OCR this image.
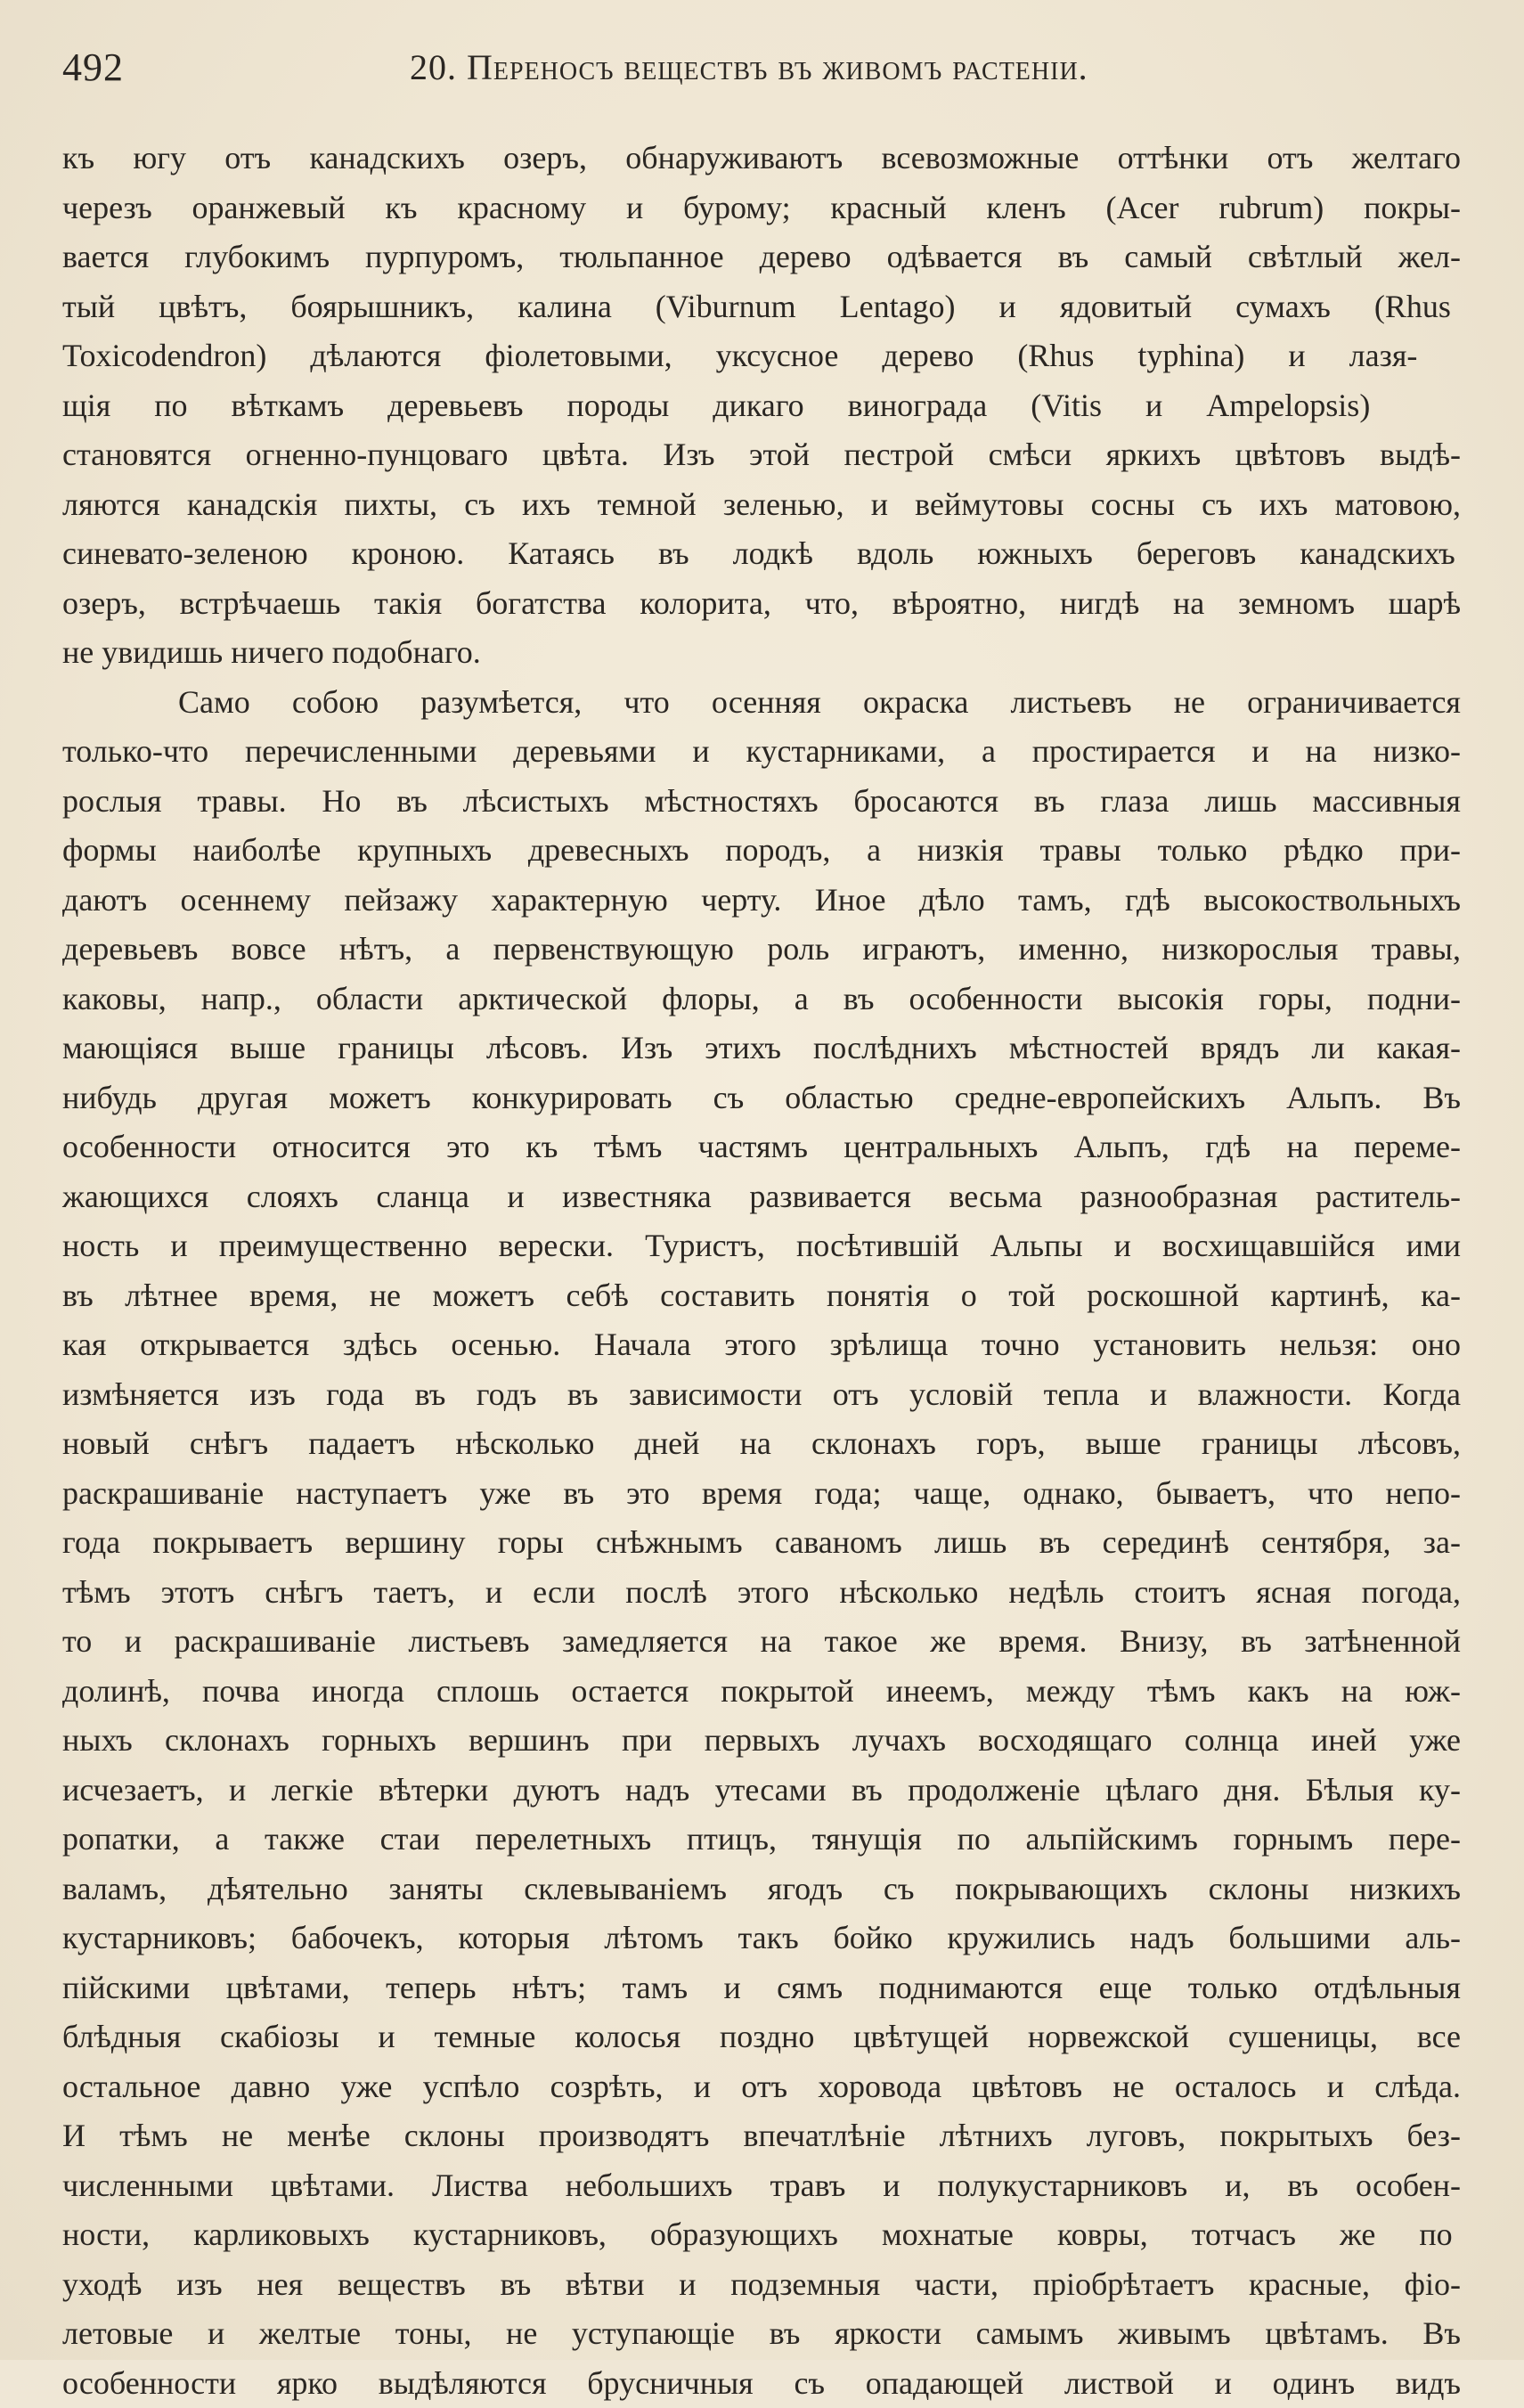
492	20. Переносъ веществъ въ живомъ растенiи.
къ югу отъ канадскихъ озеръ, обнаруживаютъ всевозможные оттѣнки отъ желтаго
черезъ оранжевый къ красному и бурому; красный кленъ (Acer rubrum) покры-
вается глубокимъ пурпуромъ, тюльпанное дерево одѣвается въ самый свѣтлый жел-
тый цвѣтъ, боярышникъ, калина (Viburnum Lentago) и ядовитый сумахъ (Rhus
Toxicodendron) дѣлаются фiолетовыми, уксусное дерево (Rhus typhina) и лазя-
щiя по вѣткамъ деревьевъ породы дикаго винограда (Vitis и Ampelopsis)
становятся огненно-пунцоваго цвѣта. Изъ этой пестрой смѣси яркихъ цвѣтовъ выдѣ-
ляются канадскiя пихты, съ ихъ темной зеленью, и веймутовы сосны съ ихъ матовою,
синевато-зеленою кроною. Катаясь въ лодкѣ вдоль южныхъ береговъ канадскихъ
озеръ, встрѣчаешь такiя богатства колорита, что, вѣроятно, нигдѣ на земномъ шарѣ
не увидишь ничего подобнаго.
Само собою разумѣется, что осенняя окраска листьевъ не ограничивается
только-что перечисленными деревьями и кустарниками, а простирается и на низко-
рослыя травы. Но въ лѣсистыхъ мѣстностяхъ бросаются въ глаза лишь массивныя
формы наиболѣе крупныхъ древесныхъ породъ, а низкiя травы только рѣдко при-
даютъ осеннему пейзажу характерную черту. Иное дѣло тамъ, гдѣ высокоствольныхъ
деревьевъ вовсе нѣтъ, а первенствующую роль играютъ, именно, низкорослыя травы,
каковы, напр., области арктической флоры, а въ особенности высокiя горы, подни-
мающiяся выше границы лѣсовъ. Изъ этихъ послѣднихъ мѣстностей врядъ ли какая-
нибудь другая можетъ конкурировать съ областью средне-европейскихъ Альпъ. Въ
особенности относится это къ тѣмъ частямъ центральныхъ Альпъ, гдѣ на переме-
жающихся слояхъ сланца и известняка развивается весьма разнообразная раститель-
ность и преимущественно верески. Туристъ, посѣтившiй Альпы и восхищавшiйся ими
въ лѣтнее время, не можетъ себѣ составить понятiя о той роскошной картинѣ, ка-
кая открывается здѣсь осенью. Начала этого зрѣлища точно установить нельзя: оно
измѣняется изъ года въ годъ въ зависимости отъ условiй тепла и влажности. Когда
новый снѣгъ падаетъ нѣсколько дней на склонахъ горъ, выше границы лѣсовъ,
раскрашиванiе наступаетъ уже въ это время года; чаще, однако, бываетъ, что непо-
года покрываетъ вершину горы снѣжнымъ саваномъ лишь въ серединѣ сентября, за-
тѣмъ этотъ снѣгъ таетъ, и если послѣ этого нѣсколько недѣль стоитъ ясная погода,
то и раскрашиванiе листьевъ замедляется на такое же время. Внизу, въ затѣненной
долинѣ, почва иногда сплошь остается покрытой инеемъ, между тѣмъ какъ на юж-
ныхъ склонахъ горныхъ вершинъ при первыхъ лучахъ восходящаго солнца иней уже
исчезаетъ, и легкiе вѣтерки дуютъ надъ утесами въ продолженiе цѣлаго дня. Бѣлыя ку-
ропатки, а также стаи перелетныхъ птицъ, тянущiя по альпiйскимъ горнымъ пере-
валамъ, дѣятельно заняты склевыванiемъ ягодъ съ покрывающихъ склоны низкихъ
кустарниковъ; бабочекъ, которыя лѣтомъ такъ бойко кружились надъ большими аль-
пiйскими цвѣтами, теперь нѣтъ; тамъ и сямъ поднимаются еще только отдѣльныя
блѣдныя скабiозы и темные колосья поздно цвѣтущей норвежской сушеницы, все
остальное давно уже успѣло созрѣть, и отъ хоровода цвѣтовъ не осталось и слѣда.
И тѣмъ не менѣе склоны производятъ впечатлѣнiе лѣтнихъ луговъ, покрытыхъ без-
численными цвѣтами. Листва небольшихъ травъ и полукустарниковъ и, въ особен-
ности, карликовыхъ кустарниковъ, образующихъ мохнатые ковры, тотчасъ же по
уходѣ изъ нея веществъ въ вѣтви и подземныя части, прiобрѣтаетъ красные, фiо-
летовые и желтые тоны, не уступающiе въ яркости самымъ живымъ цвѣтамъ. Въ
особенности ярко выдѣляются брусничныя съ опадающей листвой и одинъ видъ
